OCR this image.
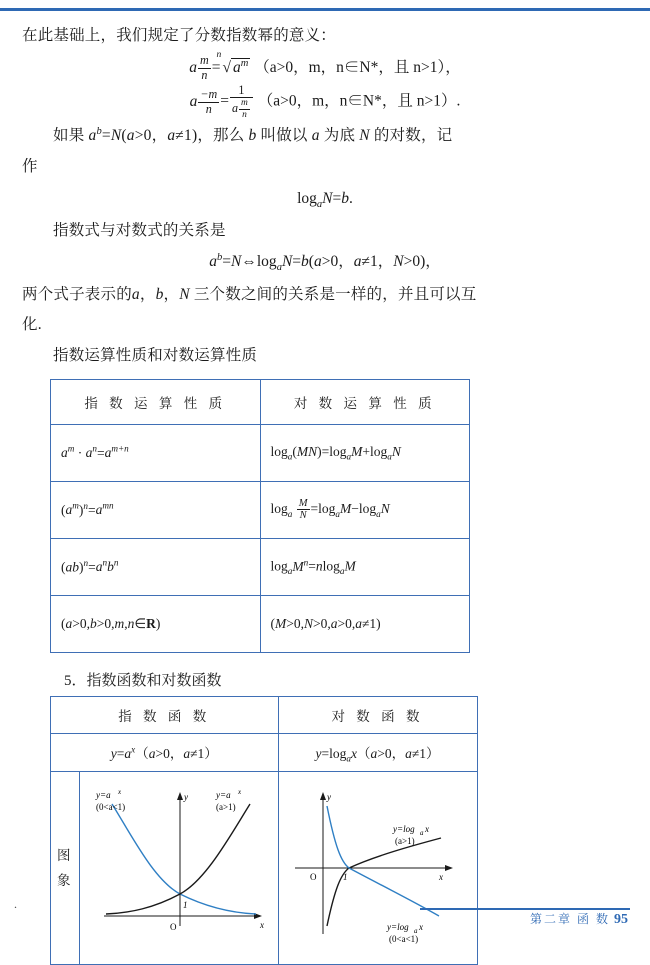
在此基础上，我们规定了分数指数幂的意义：

a $\frac{m}{n}$ =
n
√ $a^m$ （a>0，m，n∈N*，且 n>1），
a $\frac{-m}{n} = \frac{1}{a \frac{m}{n}} (a>0$，m，n∈N*，且 n>1）.

如果 $a^b=N(a>0$，a≠1)，那么 b 叫做以 a 为底 N 的对数，记

作

$\log_aN=b$.

指数式与对数式的关系是

$a^b=N\Leftrightarrow\log_aN=b(a>0$，a≠1，N>0)，

两个式子表示的a，b，N 三个数之间的关系是一样的，并且可以互

化.

指数运算性质和对数运算性质

指 数 运 算 性 质	对 数 运 算 性 质
$a^m \cdot a^n=a^{m+n}$	$\log_a(MN)=\log_aM+\log_aN$
$(a^m)^n=a^{mn}$	$\log_a \frac{M}{N} =\log_aM-\log_aN$
$(ab)^n=a^nb^n$	$\log_aM^n=nlog_aM$
(a>0,b>0,m,n∈R)	(M>0,N>0,a>0,a≠1)
5．指数函数和对数函数
指 数 函 数		对 数 函 数
$y=a^x(a>0$，a≠1）		$y=\log_ax(a>0$，a≠1）
图象	
1
O	x
y
y=a x
(0<a<1)
y=a x
(a>1)

1
O	x
y
y=log a x
(a>1)
y=log a x
(0<a<1)
.
第二章 函 数 95
